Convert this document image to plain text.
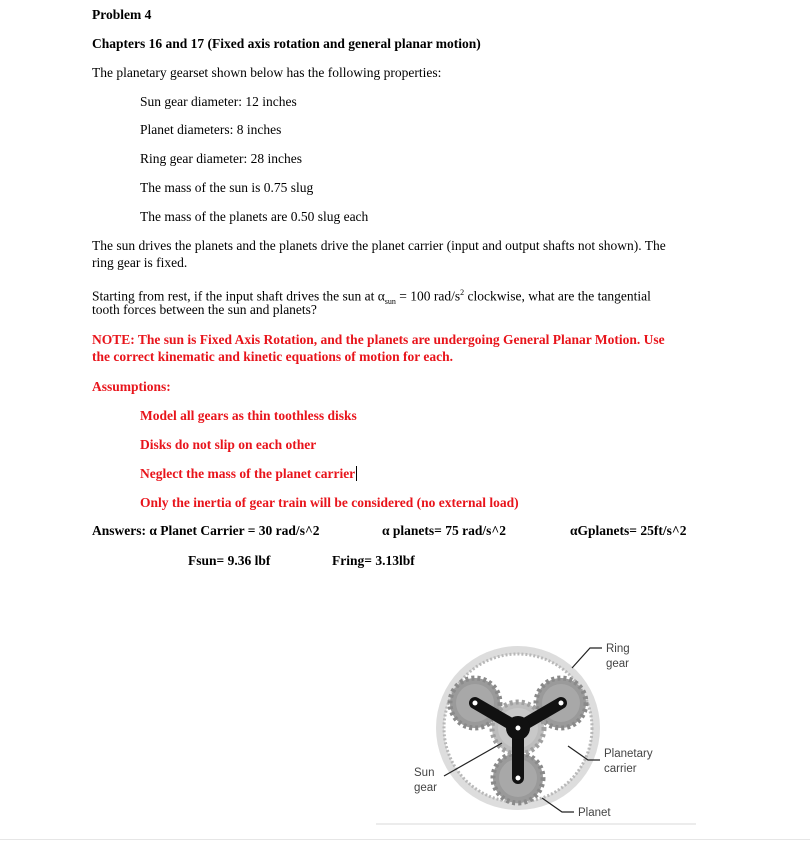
Problem 4
Chapters 16 and 17 (Fixed axis rotation and general planar motion)
The planetary gearset shown below has the following properties:
Sun gear diameter: 12 inches
Planet diameters: 8 inches
Ring gear diameter: 28 inches
The mass of the sun is 0.75 slug
The mass of the planets are 0.50 slug each
The sun drives the planets and the planets drive the planet carrier (input and output shafts not shown). The
ring gear is fixed.
Starting from rest, if the input shaft drives the sun at $\alpha_{sun} = 100$ rad/$s^2$ clockwise, what are the tangential
tooth forces between the sun and planets?
NOTE: The sun is Fixed Axis Rotation, and the planets are undergoing General Planar Motion. Use
the correct kinematic and kinetic equations of motion for each.
Assumptions:
Model all gears as thin toothless disks
Disks do not slip on each other
Neglect the mass of the planet carrier
Only the inertia of gear train will be considered (no external load)
Answers: α Planet Carrier = 30 rad/s^2	α planets= 75 rad/s^2	αGplanets= 25ft/s^2
Fsun= 9.36 lbf	Fring= 3.13lbf
Ring
gear
Planetary
carrier
Sun
gear
Planet
